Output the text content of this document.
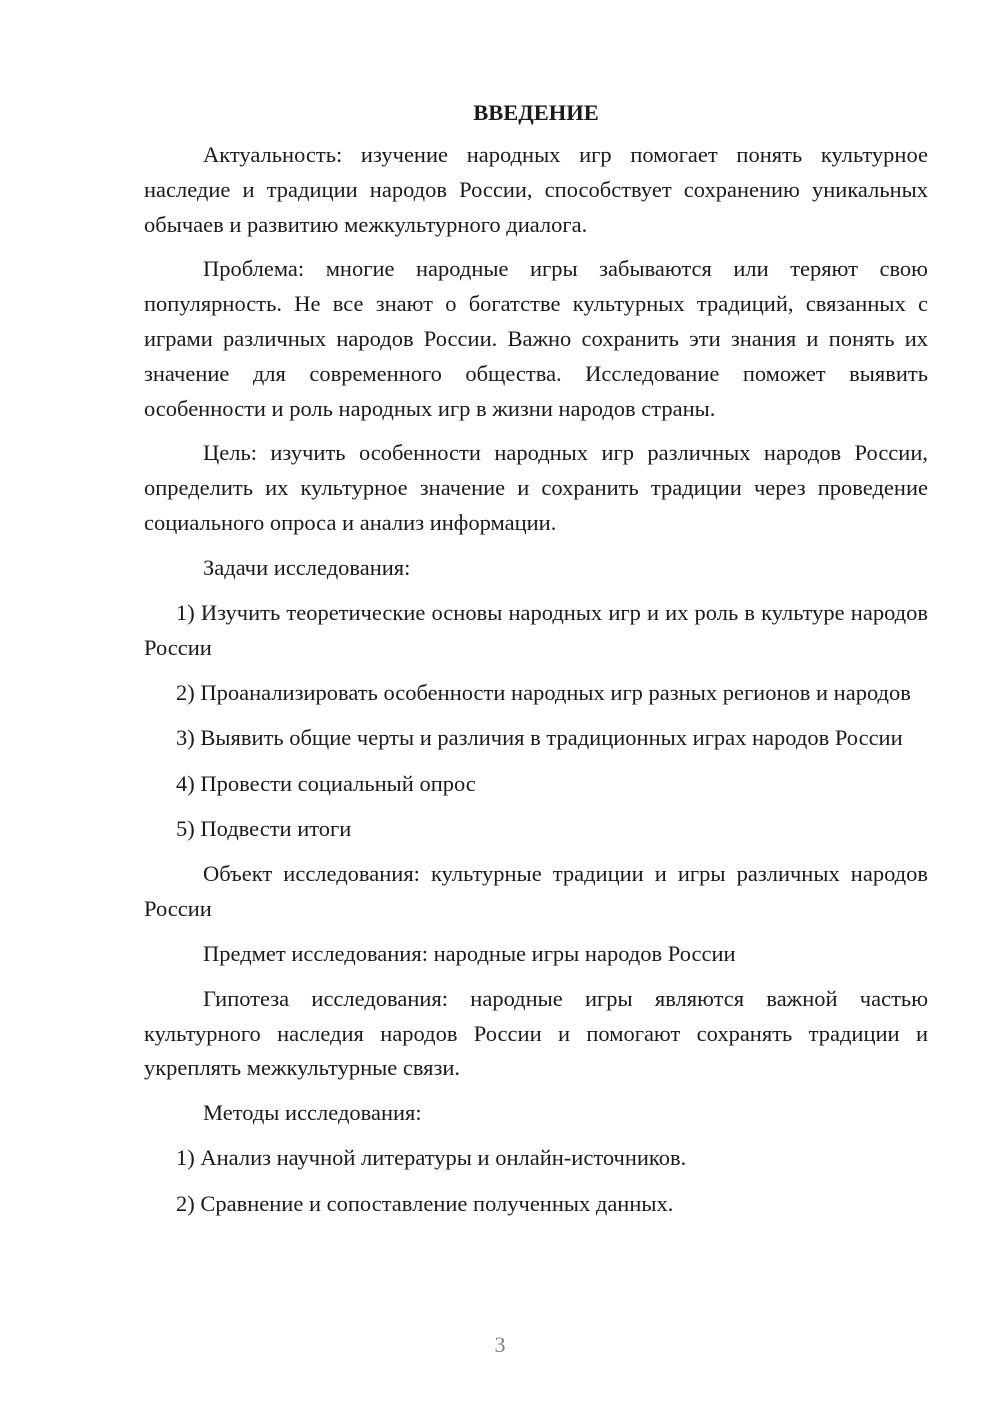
ВВЕДЕНИЕ

Актуальность: изучение народных игр помогает понять культурное наследие и традиции народов России, способствует сохранению уникальных обычаев и развитию межкультурного диалога.

Проблема: многие народные игры забываются или теряют свою популярность. Не все знают о богатстве культурных традиций, связанных с играми различных народов России. Важно сохранить эти знания и понять их значение для современного общества. Исследование поможет выявить особенности и роль народных игр в жизни народов страны.

Цель: изучить особенности народных игр различных народов России, определить их культурное значение и сохранить традиции через проведение социального опроса и анализ информации.

Задачи исследования:

1) Изучить теоретические основы народных игр и их роль в культуре народов России

2) Проанализировать особенности народных игр разных регионов и народов

3) Выявить общие черты и различия в традиционных играх народов России

4) Провести социальный опрос

5) Подвести итоги

Объект исследования: культурные традиции и игры различных народов России

Предмет исследования: народные игры народов России

Гипотеза исследования: народные игры являются важной частью культурного наследия народов России и помогают сохранять традиции и укреплять межкультурные связи.

Методы исследования:

1) Анализ научной литературы и онлайн-источников.

2) Сравнение и сопоставление полученных данных.

3
